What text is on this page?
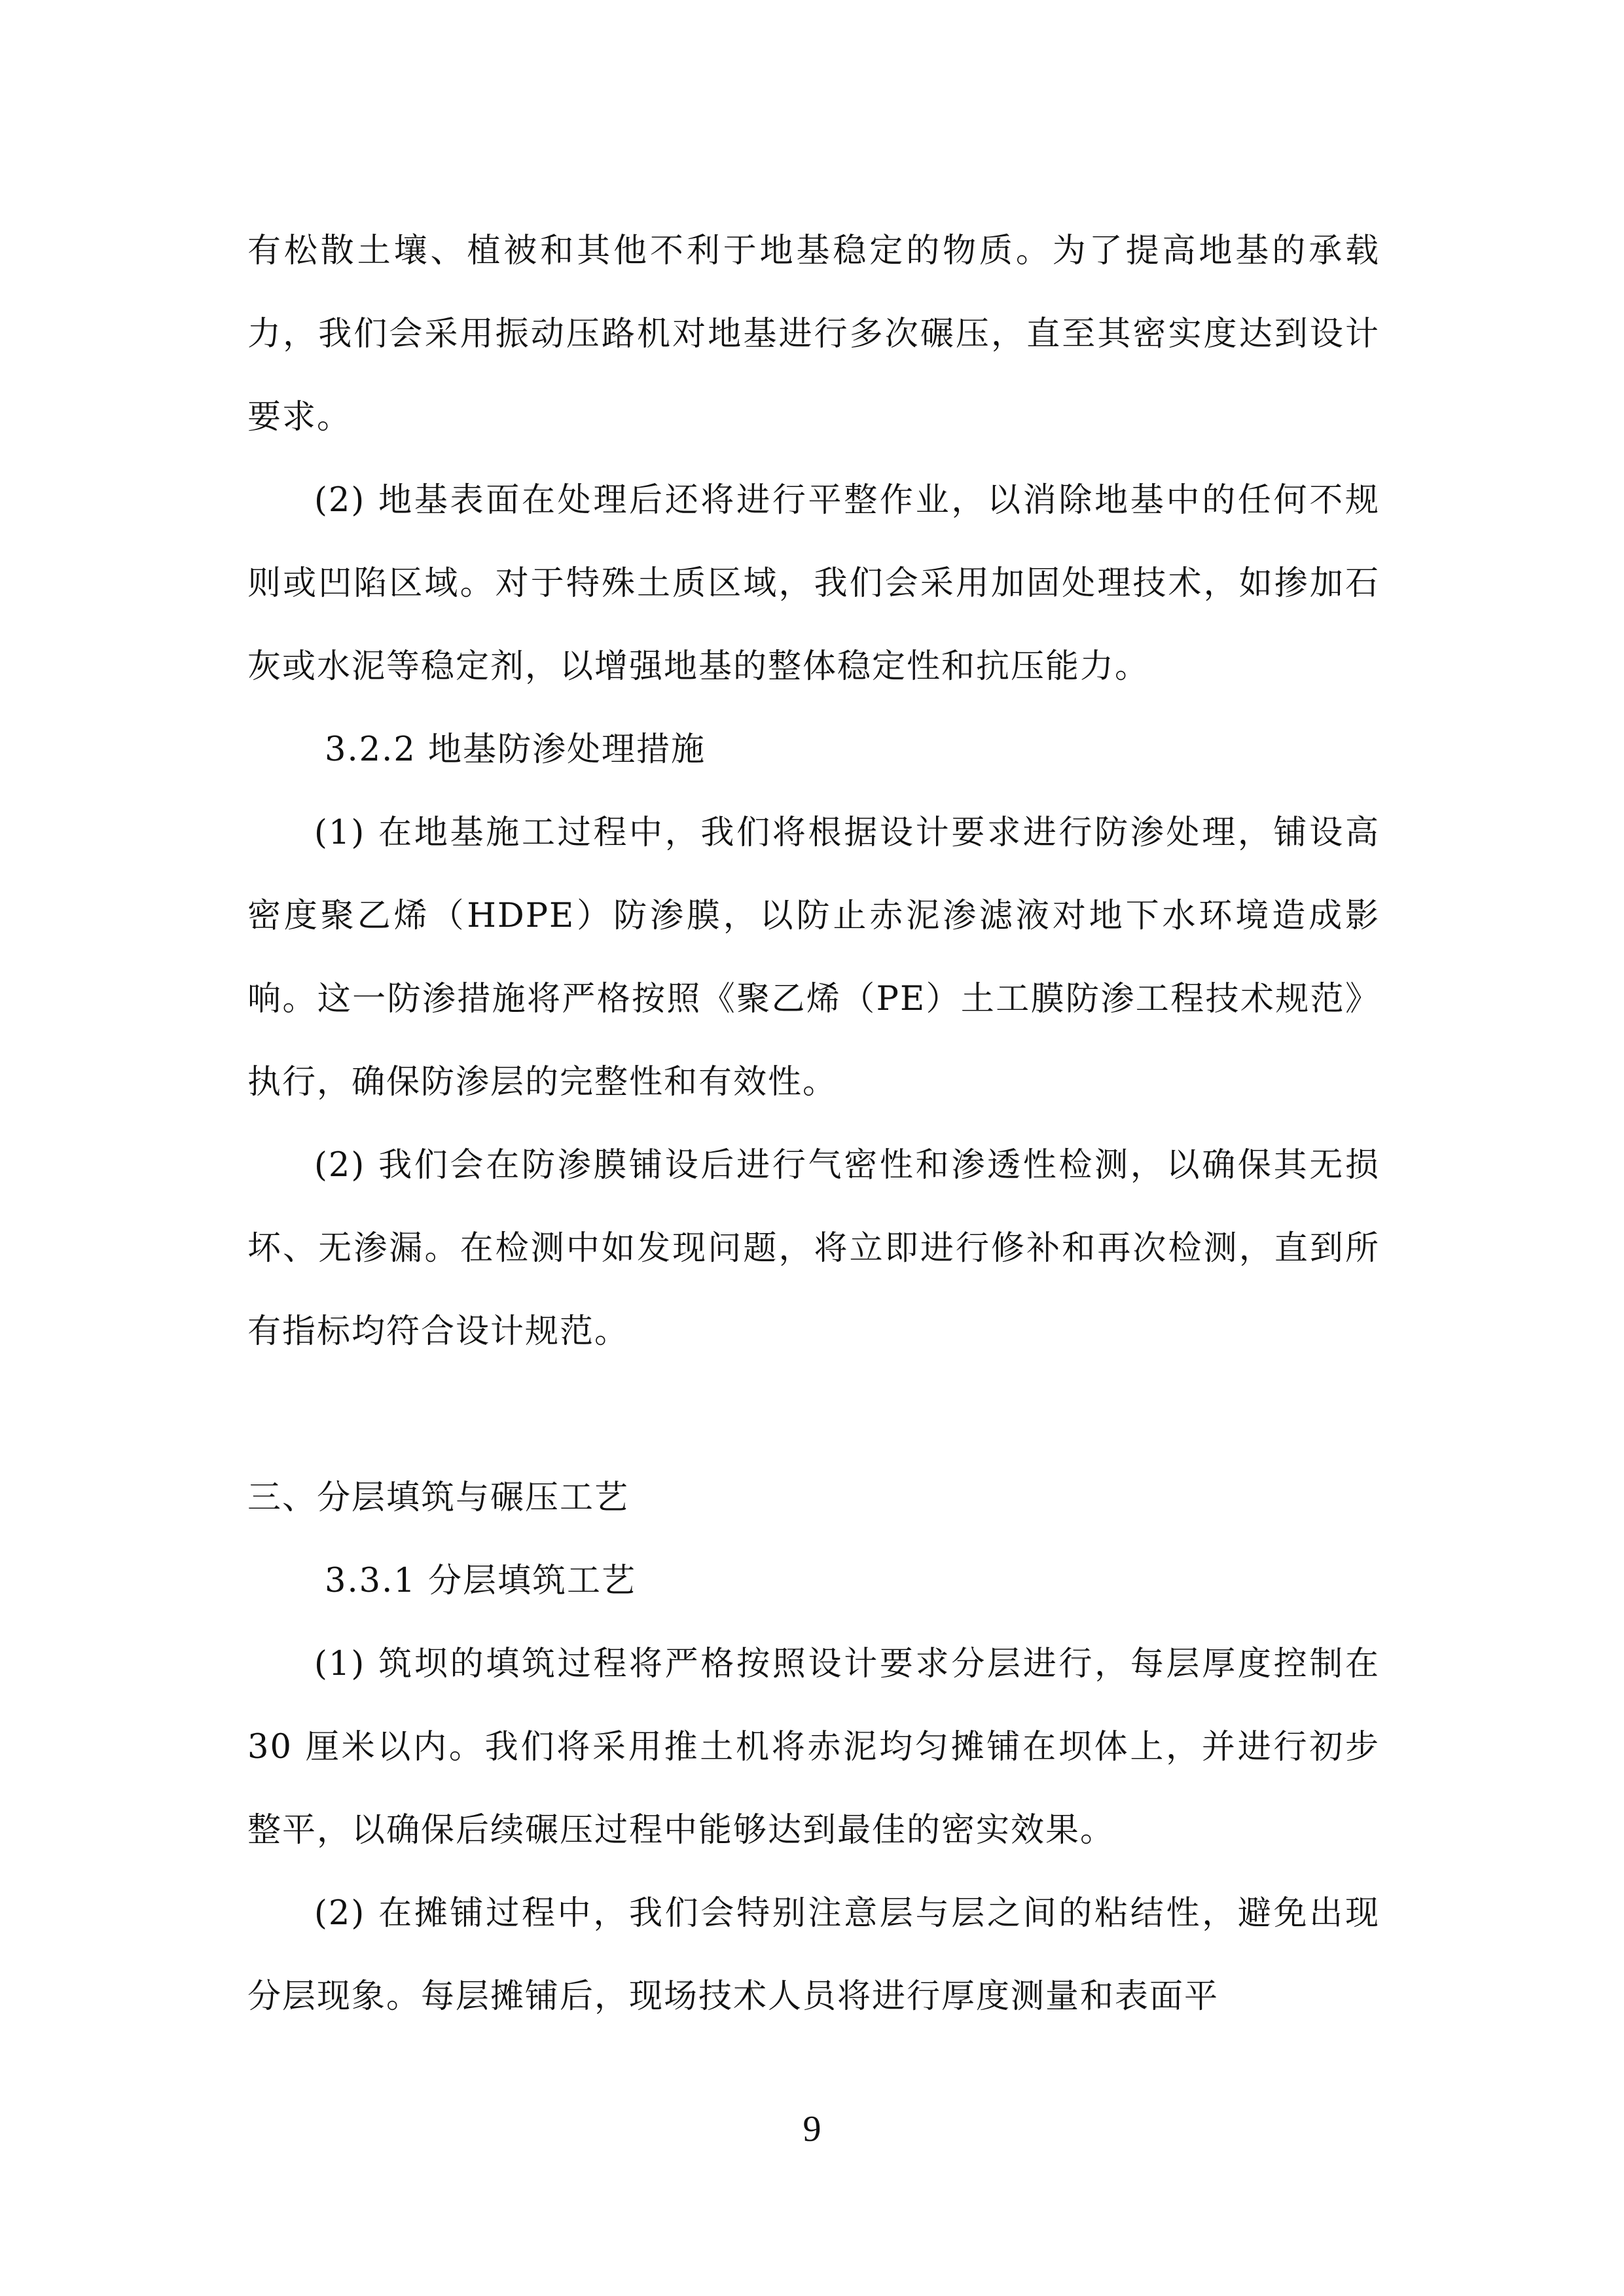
有松散土壤、植被和其他不利于地基稳定的物质。为了提高地基的承载力，我们会采用振动压路机对地基进行多次碾压，直至其密实度达到设计要求。

(2) 地基表面在处理后还将进行平整作业，以消除地基中的任何不规则或凹陷区域。对于特殊土质区域，我们会采用加固处理技术，如掺加石灰或水泥等稳定剂，以增强地基的整体稳定性和抗压能力。

3.2.2 地基防渗处理措施

(1) 在地基施工过程中，我们将根据设计要求进行防渗处理，铺设高密度聚乙烯（HDPE）防渗膜，以防止赤泥渗滤液对地下水环境造成影响。这一防渗措施将严格按照《聚乙烯（PE）土工膜防渗工程技术规范》执行，确保防渗层的完整性和有效性。

(2) 我们会在防渗膜铺设后进行气密性和渗透性检测，以确保其无损坏、无渗漏。在检测中如发现问题，将立即进行修补和再次检测，直到所有指标均符合设计规范。

三、分层填筑与碾压工艺

3.3.1 分层填筑工艺

(1) 筑坝的填筑过程将严格按照设计要求分层进行，每层厚度控制在 30 厘米以内。我们将采用推土机将赤泥均匀摊铺在坝体上，并进行初步整平，以确保后续碾压过程中能够达到最佳的密实效果。

(2) 在摊铺过程中，我们会特别注意层与层之间的粘结性，避免出现分层现象。每层摊铺后，现场技术人员将进行厚度测量和表面平

9
